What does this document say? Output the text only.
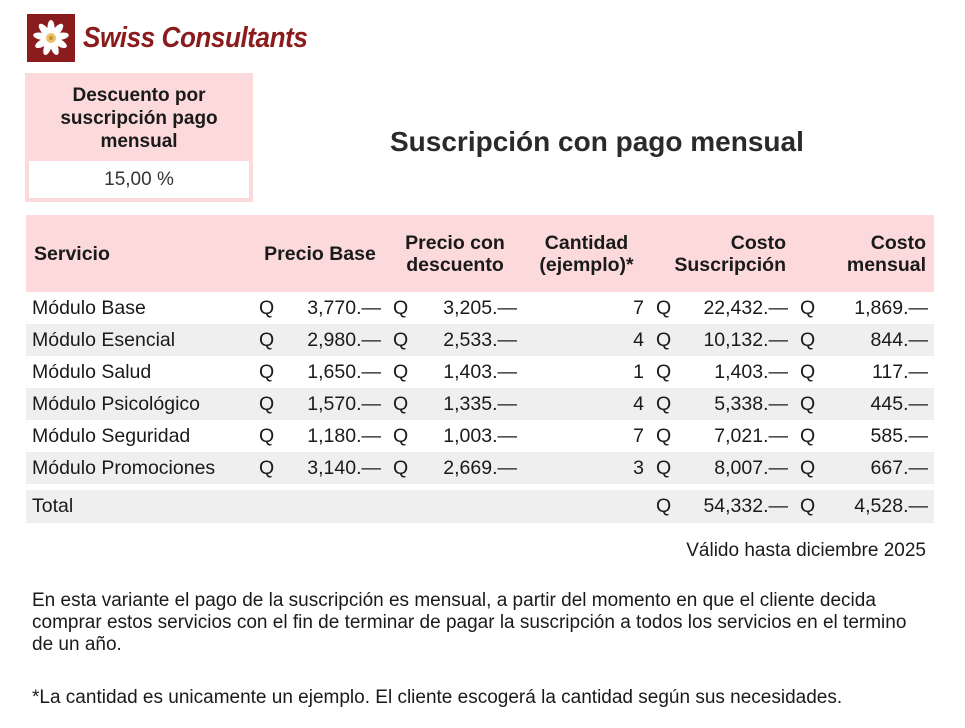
Swiss Consultants
Descuento por suscripción pago mensual
15,00 %
Suscripción con pago mensual
Servicio	Precio Base		Precio con descuento		Cantidad (ejemplo)*	Costo Suscripción		Costo mensual	
Módulo Base	Q	3,770.—	Q	3,205.—	7	Q	22,432.—	Q	1,869.—
Módulo Esencial	Q	2,980.—	Q	2,533.—	4	Q	10,132.—	Q	844.—
Módulo Salud	Q	1,650.—	Q	1,403.—	1	Q	1,403.—	Q	117.—
Módulo Psicológico	Q	1,570.—	Q	1,335.—	4	Q	5,338.—	Q	445.—
Módulo Seguridad	Q	1,180.—	Q	1,003.—	7	Q	7,021.—	Q	585.—
Módulo Promociones	Q	3,140.—	Q	2,669.—	3	Q	8,007.—	Q	667.—

Total						Q	54,332.—	Q	4,528.—
Válido hasta diciembre 2025
En esta variante el pago de la suscripción es mensual, a partir del momento en que el cliente decida comprar estos servicios con el fin de terminar de pagar la suscripción a todos los servicios en el termino de un año.
*La cantidad es unicamente un ejemplo. El cliente escogerá la cantidad según sus necesidades.
